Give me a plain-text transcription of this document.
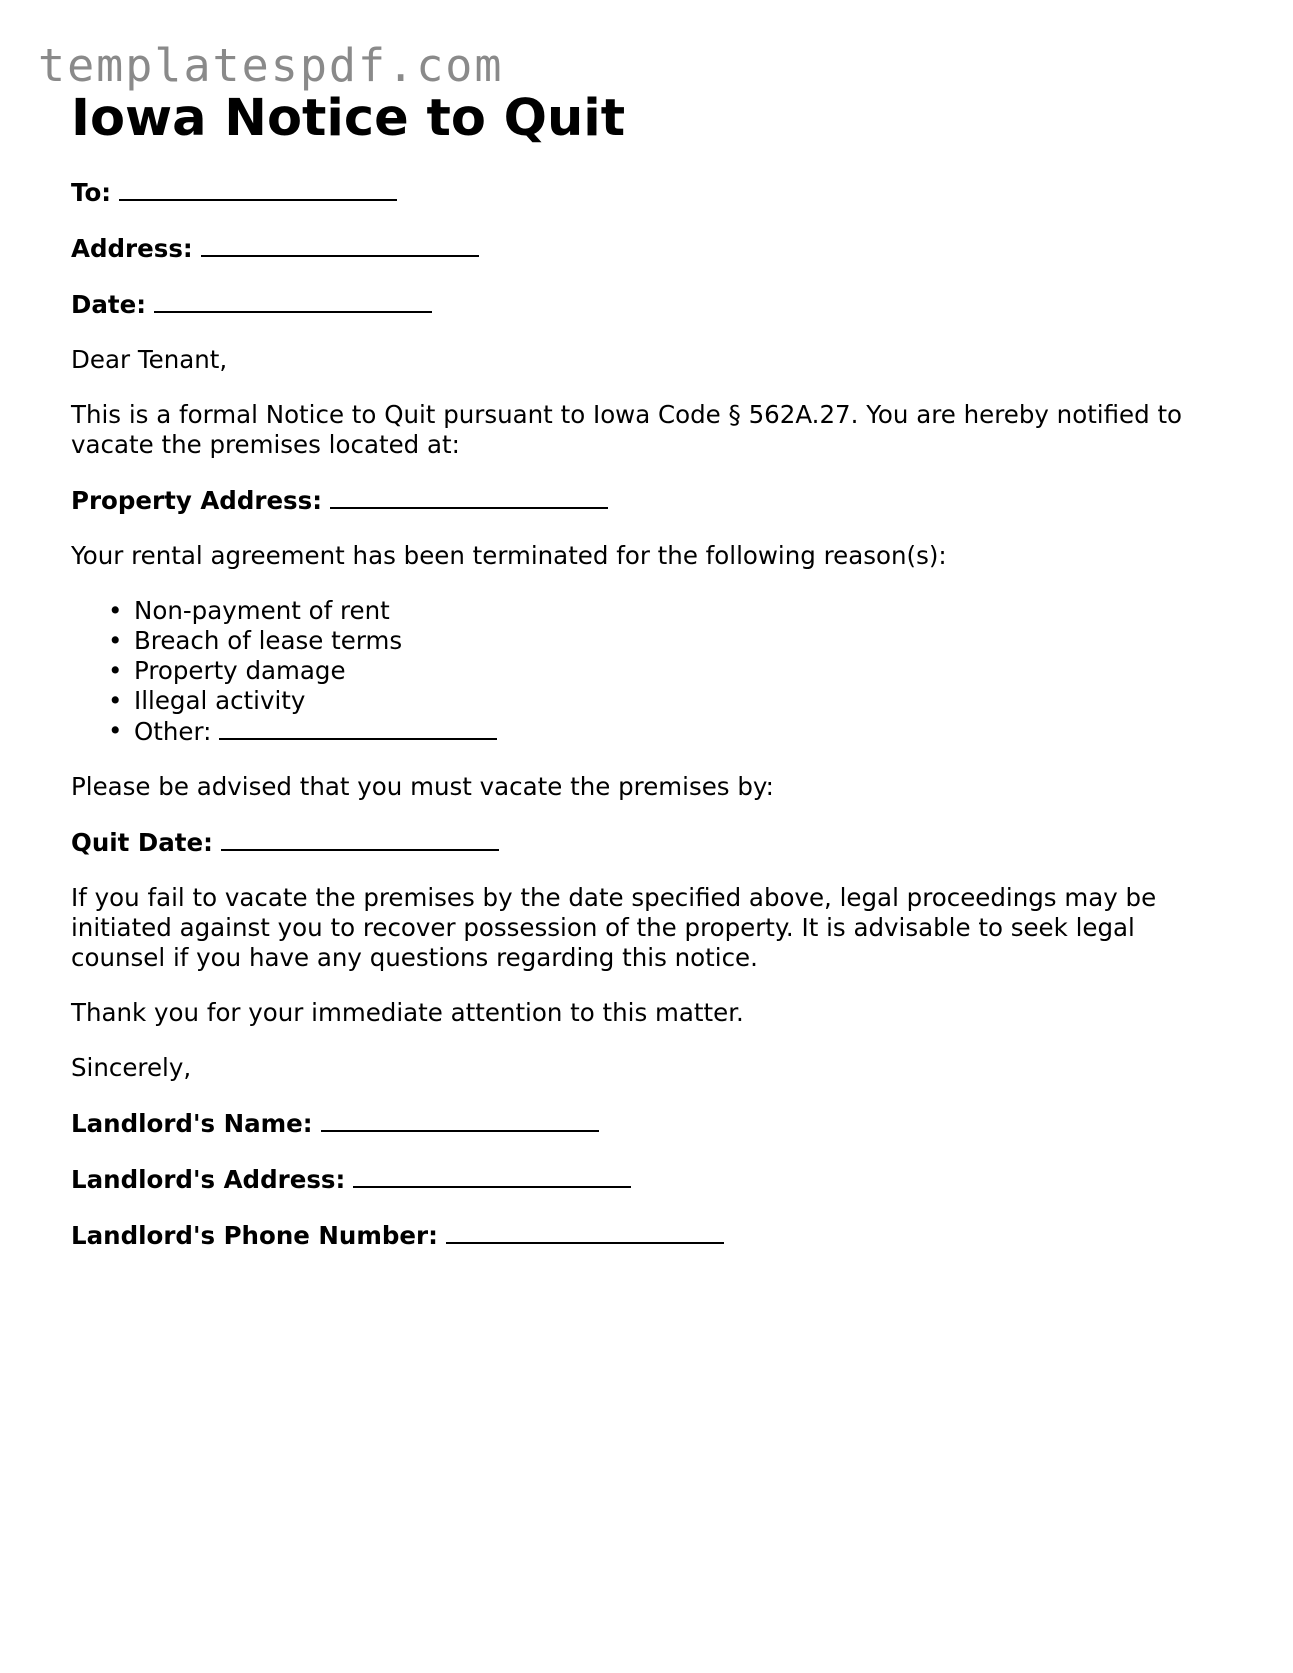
templatespdf.com
Iowa Notice to Quit

To:

Address:

Date:

Dear Tenant,

This is a formal Notice to Quit pursuant to Iowa Code § 562A.27. You are hereby notified to vacate the premises located at:

Property Address:

Your rental agreement has been terminated for the following reason(s):

• Non-payment of rent
• Breach of lease terms
• Property damage
• Illegal activity
• Other:

Please be advised that you must vacate the premises by:

Quit Date:

If you fail to vacate the premises by the date specified above, legal proceedings may be initiated against you to recover possession of the property. It is advisable to seek legal counsel if you have any questions regarding this notice.

Thank you for your immediate attention to this matter.

Sincerely,

Landlord's Name:

Landlord's Address:

Landlord's Phone Number:
